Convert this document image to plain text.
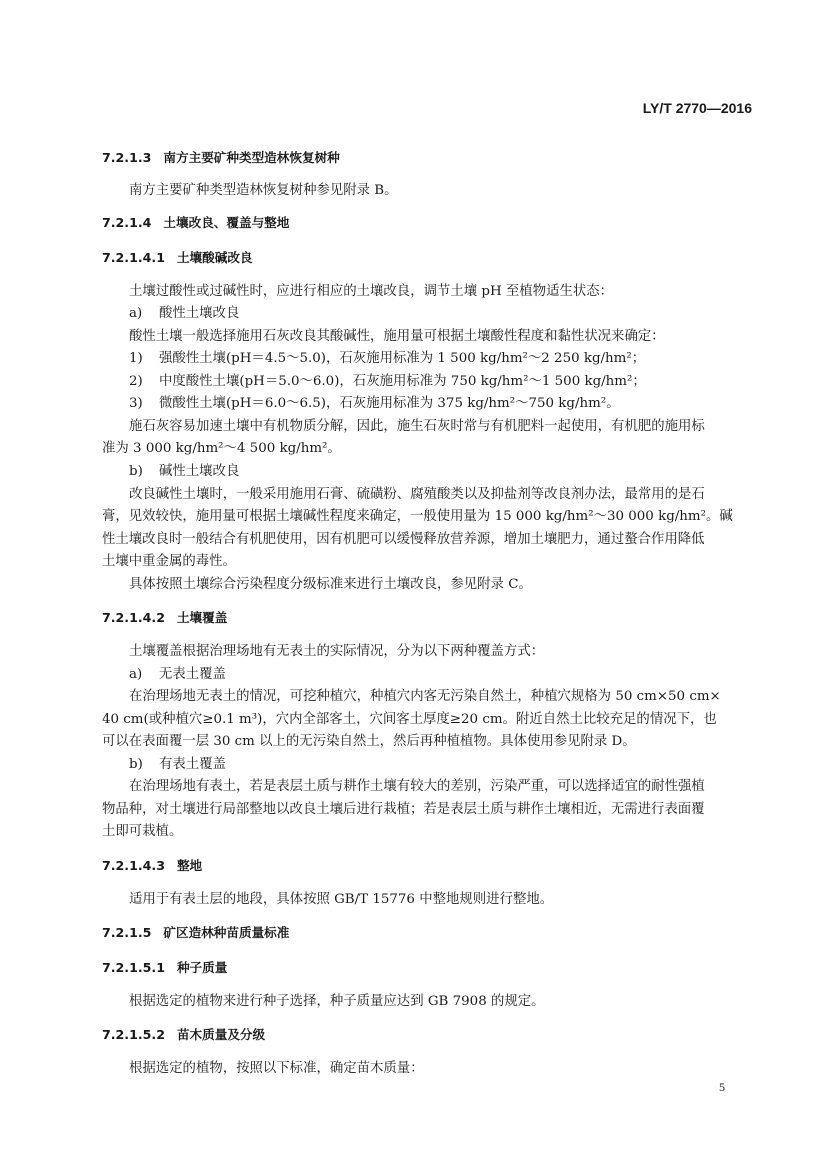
LY/T 2770—2016
7.2.1.3 南方主要矿种类型造林恢复树种
南方主要矿种类型造林恢复树种参见附录 B。
7.2.1.4 土壤改良、覆盖与整地
7.2.1.4.1 土壤酸碱改良
土壤过酸性或过碱性时，应进行相应的土壤改良，调节土壤 pH 至植物适生状态：
a) 酸性土壤改良
酸性土壤一般选择施用石灰改良其酸碱性，施用量可根据土壤酸性程度和黏性状况来确定：
1) 强酸性土壤(pH＝4.5～5.0)，石灰施用标准为 1 500 kg/hm²～2 250 kg/hm²；
2) 中度酸性土壤(pH＝5.0～6.0)，石灰施用标准为 750 kg/hm²～1 500 kg/hm²；
3) 微酸性土壤(pH＝6.0～6.5)，石灰施用标准为 375 kg/hm²～750 kg/hm²。
施石灰容易加速土壤中有机物质分解，因此，施生石灰时常与有机肥料一起使用，有机肥的施用标
准为 3 000 kg/hm²～4 500 kg/hm²。
b) 碱性土壤改良
改良碱性土壤时，一般采用施用石膏、硫磺粉、腐殖酸类以及抑盐剂等改良剂办法，最常用的是石
膏，见效较快，施用量可根据土壤碱性程度来确定，一般使用量为 15 000 kg/hm²～30 000 kg/hm²。碱
性土壤改良时一般结合有机肥使用，因有机肥可以缓慢释放营养源，增加土壤肥力，通过螯合作用降低
土壤中重金属的毒性。
具体按照土壤综合污染程度分级标准来进行土壤改良，参见附录 C。
7.2.1.4.2 土壤覆盖
土壤覆盖根据治理场地有无表土的实际情况，分为以下两种覆盖方式：
a) 无表土覆盖
在治理场地无表土的情况，可挖种植穴，种植穴内客无污染自然土，种植穴规格为 50 cm×50 cm×
40 cm(或种植穴≥0.1 m³)，穴内全部客土，穴间客土厚度≥20 cm。附近自然土比较充足的情况下，也
可以在表面覆一层 30 cm 以上的无污染自然土，然后再种植植物。具体使用参见附录 D。
b) 有表土覆盖
在治理场地有表土，若是表层土质与耕作土壤有较大的差别，污染严重，可以选择适宜的耐性强植
物品种，对土壤进行局部整地以改良土壤后进行栽植；若是表层土质与耕作土壤相近，无需进行表面覆
土即可栽植。
7.2.1.4.3 整地
适用于有表土层的地段，具体按照 GB/T 15776 中整地规则进行整地。
7.2.1.5 矿区造林种苗质量标准
7.2.1.5.1 种子质量
根据选定的植物来进行种子选择，种子质量应达到 GB 7908 的规定。
7.2.1.5.2 苗木质量及分级
根据选定的植物，按照以下标准，确定苗木质量：
5
